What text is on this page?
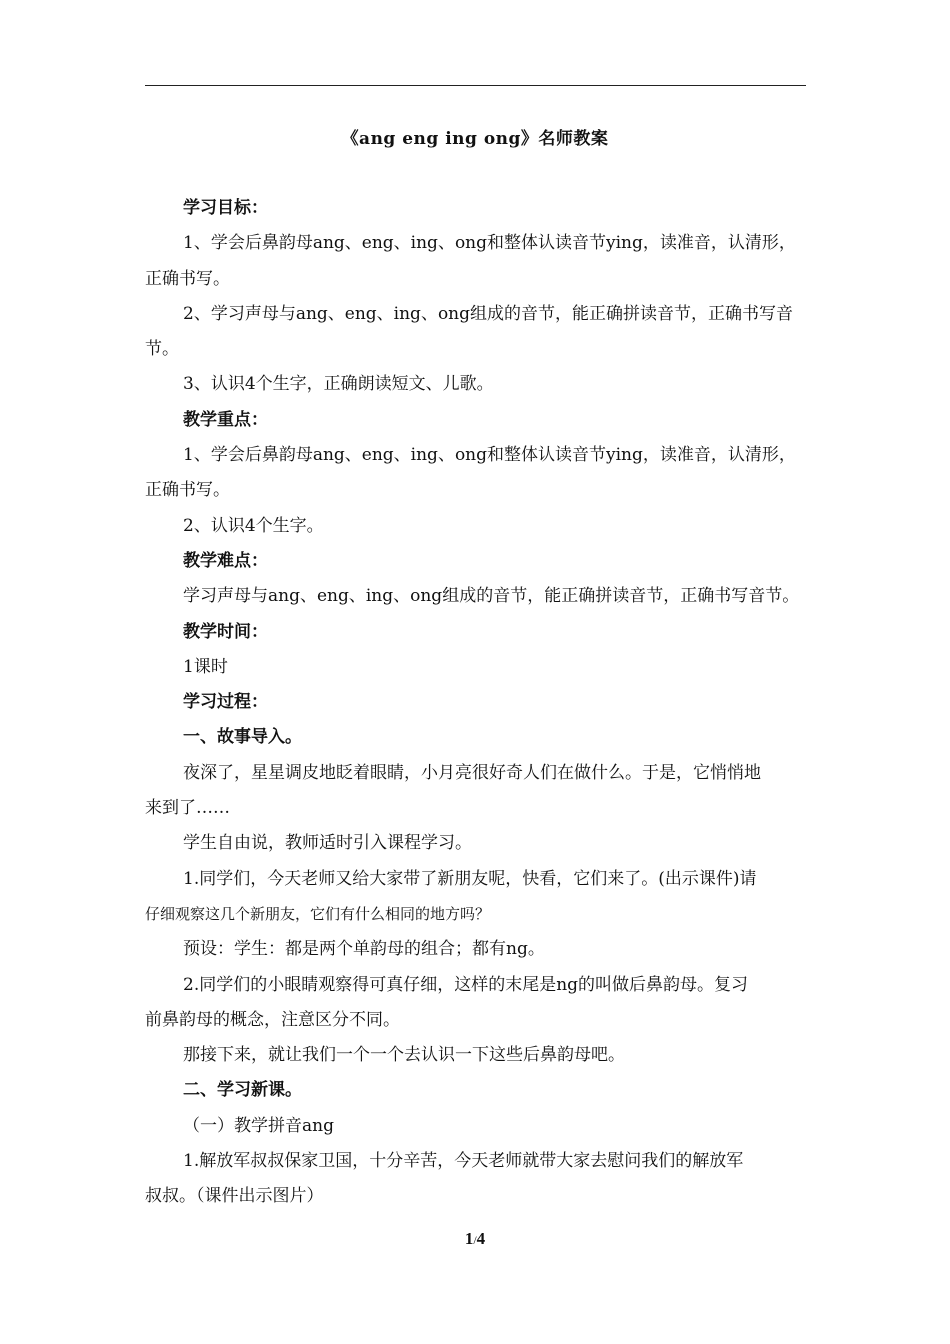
《ang eng ing ong》名师教案
学习目标：
1、学会后鼻韵母ang、eng、ing、ong和整体认读音节ying，读准音，认清形，
正确书写。
2、学习声母与ang、eng、ing、ong组成的音节，能正确拼读音节，正确书写音
节。
3、认识4个生字，正确朗读短文、儿歌。
教学重点：
1、学会后鼻韵母ang、eng、ing、ong和整体认读音节ying，读准音，认清形，
正确书写。
2、认识4个生字。
教学难点：
学习声母与ang、eng、ing、ong组成的音节，能正确拼读音节，正确书写音节。
教学时间：
1课时
学习过程：
一、故事导入。
夜深了，星星调皮地眨着眼睛，小月亮很好奇人们在做什么。于是，它悄悄地
来到了……
学生自由说，教师适时引入课程学习。
1.同学们，今天老师又给大家带了新朋友呢，快看，它们来了。(出示课件)请
仔细观察这几个新朋友，它们有什么相同的地方吗？
预设：学生：都是两个单韵母的组合；都有ng。
2.同学们的小眼睛观察得可真仔细，这样的末尾是ng的叫做后鼻韵母。复习
前鼻韵母的概念，注意区分不同。
那接下来，就让我们一个一个去认识一下这些后鼻韵母吧。
二、学习新课。
（一）教学拼音ang
1.解放军叔叔保家卫国，十分辛苦，今天老师就带大家去慰问我们的解放军
叔叔。（课件出示图片）
1/4
